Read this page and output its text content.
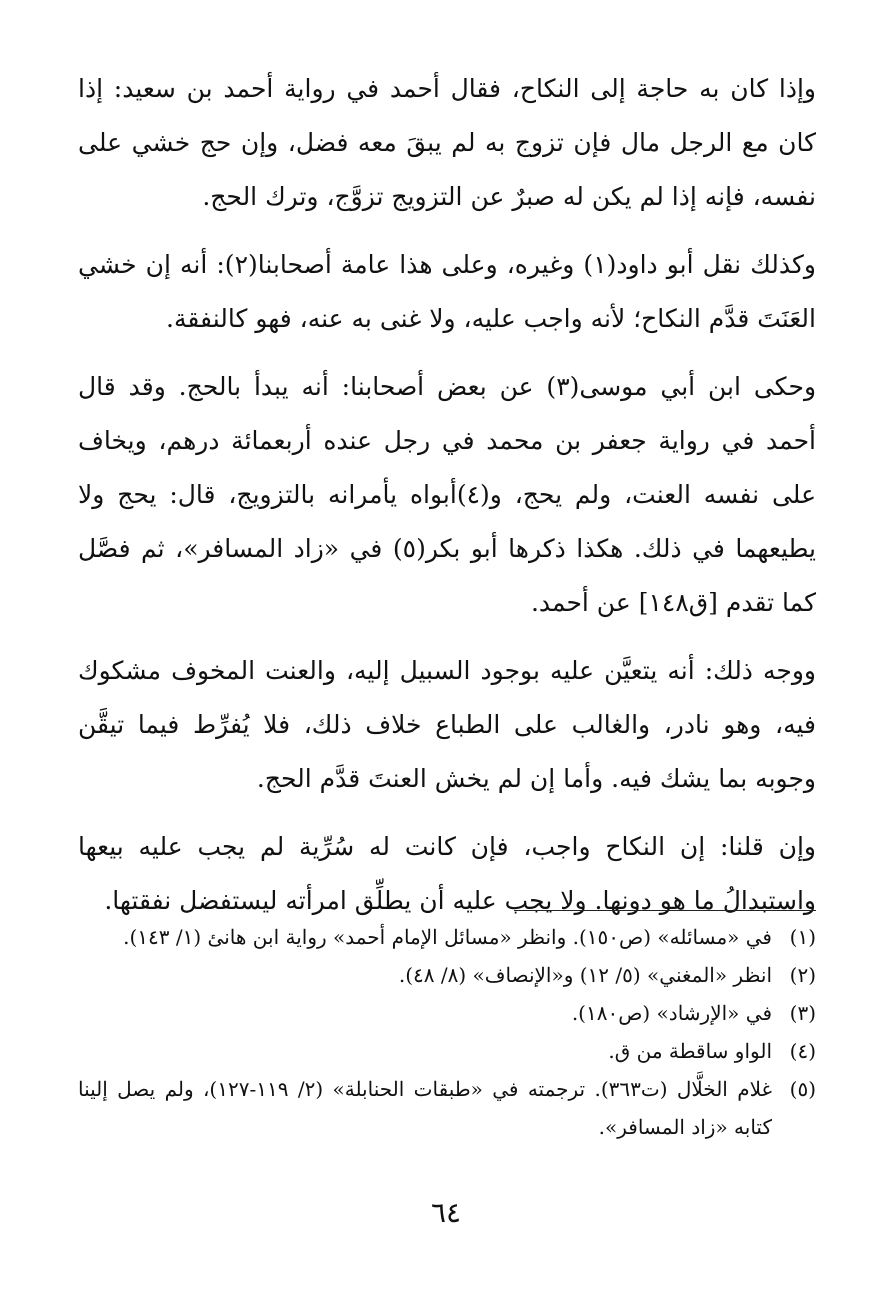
وإذا كان به حاجة إلى النكاح، فقال أحمد في رواية أحمد بن سعيد: إذا كان مع الرجل مال فإن تزوج به لم يبقَ معه فضل، وإن حج خشي على نفسه، فإنه إذا لم يكن له صبرٌ عن التزويج تزوَّج، وترك الحج.

وكذلك نقل أبو داود(١) وغيره، وعلى هذا عامة أصحابنا(٢): أنه إن خشي العَنَتَ قدَّم النكاح؛ لأنه واجب عليه، ولا غنى به عنه، فهو كالنفقة.

وحكى ابن أبي موسى(٣) عن بعض أصحابنا: أنه يبدأ بالحج. وقد قال أحمد في رواية جعفر بن محمد في رجل عنده أربعمائة درهم، ويخاف على نفسه العنت، ولم يحج، و(٤)أبواه يأمرانه بالتزويج، قال: يحج ولا يطيعهما في ذلك. هكذا ذكرها أبو بكر(٥) في «زاد المسافر»، ثم فصَّل كما تقدم [ق١٤٨] عن أحمد.

ووجه ذلك: أنه يتعيَّن عليه بوجود السبيل إليه، والعنت المخوف مشكوك فيه، وهو نادر، والغالب على الطباع خلاف ذلك، فلا يُفرِّط فيما تيقَّن وجوبه بما يشك فيه. وأما إن لم يخش العنتَ قدَّم الحج.

وإن قلنا: إن النكاح واجب، فإن كانت له سُرِّية لم يجب عليه بيعها واستبدالُ ما هو دونها. ولا يجب عليه أن يطلِّق امرأته ليستفضل نفقتها.

(١)
في «مسائله» (ص١٥٠). وانظر «مسائل الإمام أحمد» رواية ابن هانئ (١/ ١٤٣).
(٢)
انظر «المغني» (٥/ ١٢) و«الإنصاف» (٨/ ٤٨).
(٣)
في «الإرشاد» (ص١٨٠).
(٤)
الواو ساقطة من ق.
(٥)
غلام الخلَّال (ت٣٦٣). ترجمته في «طبقات الحنابلة» (٢/ ١١٩-١٢٧)، ولم يصل إلينا كتابه «زاد المسافر».
٦٤
